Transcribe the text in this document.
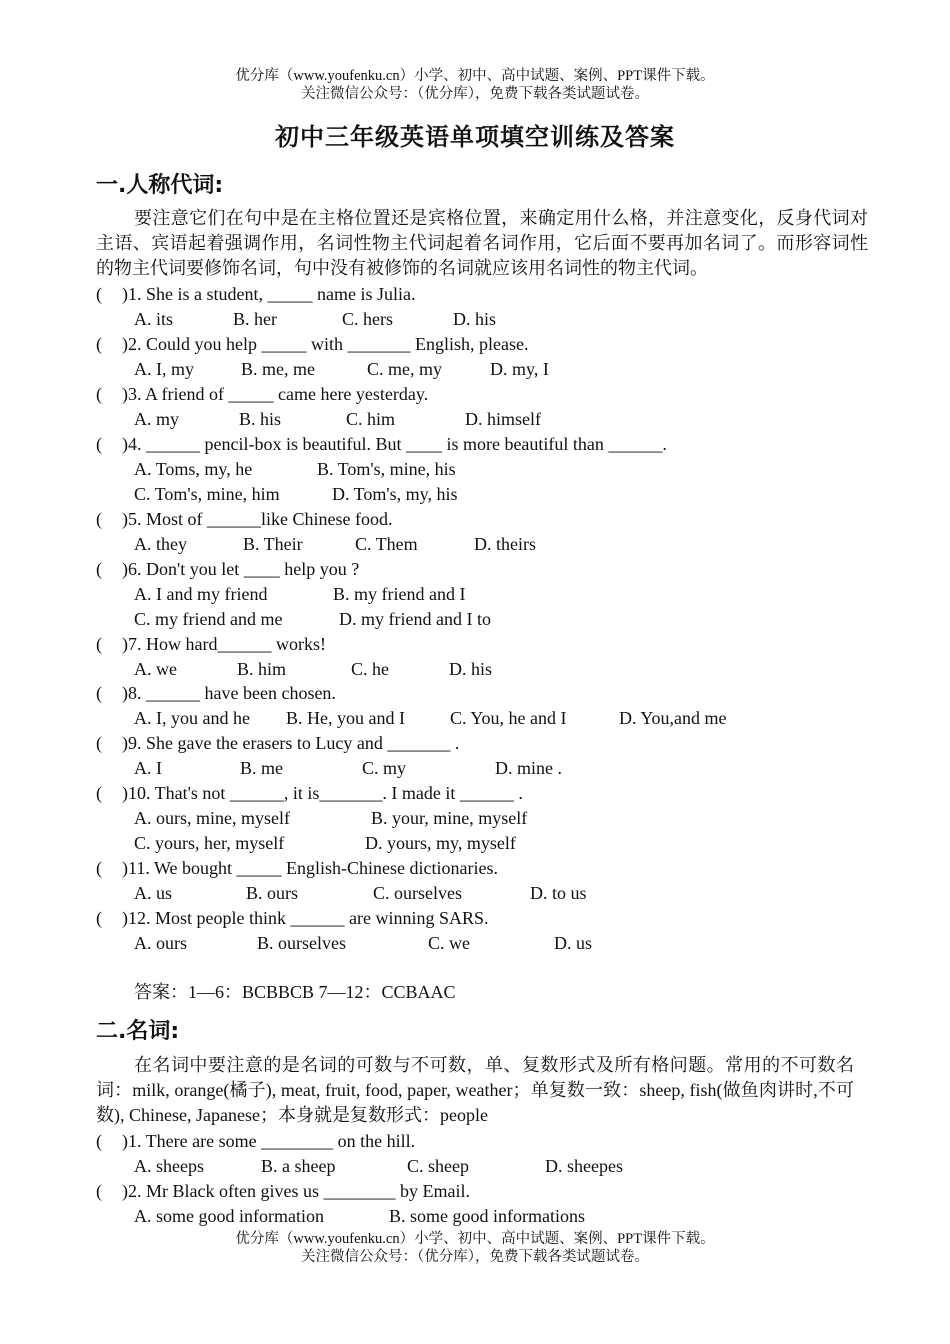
优分库（www.youfenku.cn）小学、初中、高中试题、案例、PPT课件下载。
关注微信公众号：（优分库），免费下载各类试题试卷。
初中三年级英语单项填空训练及答案
一.人称代词:
要注意它们在句中是在主格位置还是宾格位置，来确定用什么格，并注意变化，反身代词对主语、宾语起着强调作用，名词性物主代词起着名词作用，它后面不要再加名词了。而形容词性的物主代词要修饰名词，句中没有被修饰的名词就应该用名词性的物主代词。
( )1. She is a student, _____ name is Julia.
A. its	B. her	C. hers	D. his
( )2. Could you help _____ with _______ English, please.
A. I, my	B. me, me	C. me, my	D. my, I
( )3. A friend of _____ came here yesterday.
A. my	B. his	C. him	D. himself
( )4. ______ pencil-box is beautiful. But ____ is more beautiful than ______.
A. Toms, my, he	B. Tom's, mine, his
C. Tom's, mine, him	D. Tom's, my, his
( )5. Most of ______like Chinese food.
A. they	B. Their	C. Them	D. theirs
( )6. Don't you let ____ help you ?
A. I and my friend	B. my friend and I
C. my friend and me	D. my friend and I to
( )7. How hard______ works!
A. we	B. him	C. he	D. his
( )8. ______ have been chosen.
A. I, you and he B. He, you and I	C. You, he and I	D. You,and me
( )9. She gave the erasers to Lucy and _______ .
A. I	B. me	C. my	D. mine .
( )10. That's not ______, it is_______. I made it ______ .
A. ours, mine, myself	B. your, mine, myself
C. yours, her, myself	D. yours, my, myself
( )11. We bought _____ English-Chinese dictionaries.
A. us	B. ours	C. ourselves	D. to us
( )12. Most people think ______ are winning SARS.
A. ours	B. ourselves	C. we	D. us
答案：1—6：BCBBCB 7—12：CCBAAC
二.名词:
在名词中要注意的是名词的可数与不可数，单、复数形式及所有格问题。常用的不可数名词：milk, orange(橘子), meat, fruit, food, paper, weather；单复数一致：sheep, fish(做鱼肉讲时,不可数), Chinese, Japanese；本身就是复数形式：people
( )1. There are some ________ on the hill.
A. sheeps	B. a sheep	C. sheep	D. sheepes
( )2. Mr Black often gives us ________ by Email.
A. some good information	B. some good informations
优分库（www.youfenku.cn）小学、初中、高中试题、案例、PPT课件下载。
关注微信公众号：（优分库），免费下载各类试题试卷。
